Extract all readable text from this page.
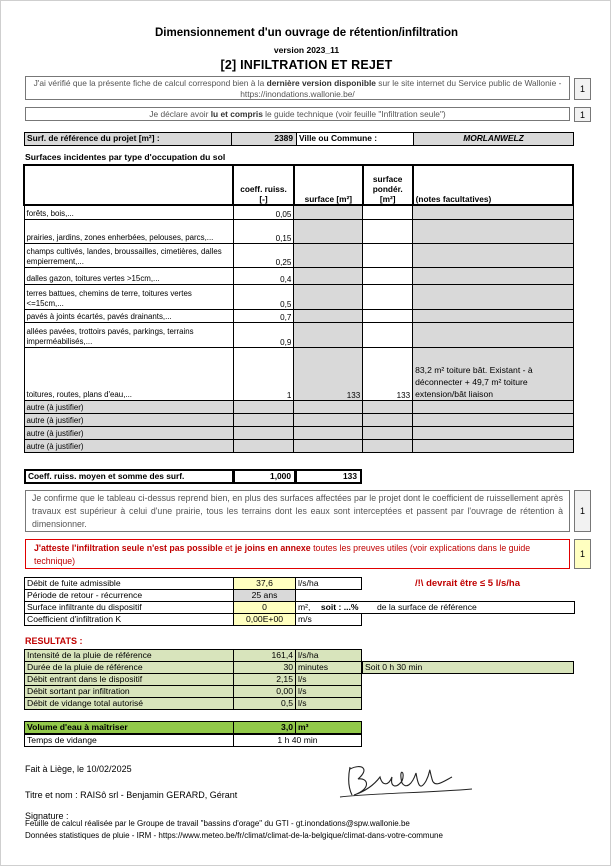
Dimensionnement d'un ouvrage de rétention/infiltration
version 2023_11
[2] INFILTRATION ET REJET
J'ai vérifié que la présente fiche de calcul correspond bien à la dernière version disponible sur le site internet du Service public de Wallonie - https://inondations.wallonie.be/	1
Je déclare avoir lu et compris le guide technique (voir feuille "Infiltration seule")	1
Surf. de référence du projet [m²] :	2389 Ville ou Commune :	MORLANWELZ
Surfaces incidentes par type d'occupation du sol
	coeff. ruiss. [-]	surface [m²]	surface pondér. [m²]	(notes facultatives)
forêts, bois,...	0,05			
prairies, jardins, zones enherbées, pelouses, parcs,...	0,15			
champs cultivés, landes, broussailles, cimetières, dalles empierrement,...	0,25			
dalles gazon, toitures vertes >15cm,...	0,4			
terres battues, chemins de terre, toitures vertes <=15cm,...	0,5			
pavés à joints écartés, pavés drainants,...	0,7			
allées pavées, trottoirs pavés, parkings, terrains imperméabilisés,...	0,9			
toitures, routes, plans d'eau,...	1	133	133	83,2 m² toiture bât. Existant - à déconnecter + 49,7 m² toiture extension/bât liaison
autre (à justifier)				
autre (à justifier)				
autre (à justifier)				
autre (à justifier)				
Coeff. ruiss. moyen et somme des surf.	1,000	133
Je confirme que le tableau ci-dessus reprend bien, en plus des surfaces affectées par le projet dont le coefficient de ruissellement après travaux est supérieur à celui d'une prairie, tous les terrains dont les eaux sont interceptées et passent par l'ouvrage de rétention à dimensionner.
1
J'atteste l'infiltration seule n'est pas possible et je joins en annexe toutes les preuves utiles (voir explications dans le guide technique)
1
Débit de fuite admissible	37,6	l/s/ha	/!\ devrait être ≤ 5 l/s/ha
Période de retour - récurrence	25 ans
Surface infiltrante du dispositif	0	m², soit : ...% de la surface de référence
Coefficient d'infiltration K	0,00E+00	m/s
RESULTATS :
Intensité de la pluie de référence	161,4 l/s/ha
Durée de la pluie de référence	30 minutes
Débit entrant dans le dispositif	2,15 l/s
Débit sortant par infiltration	0,00 l/s
Débit de vidange total autorisé	0,5 l/s
Soit 0 h 30 min
Volume d'eau à maîtriser	3,0 m³
Temps de vidange	1 h 40 min
Fait à Liège, le 10/02/2025
Titre et nom : RAISô srl - Benjamin GERARD, Gérant
Signature :
Feuille de calcul réalisée par le Groupe de travail "bassins d'orage" du GTI - gt.inondations@spw.wallonie.be
Données statistiques de pluie - IRM - https://www.meteo.be/fr/climat/climat-de-la-belgique/climat-dans-votre-commune
